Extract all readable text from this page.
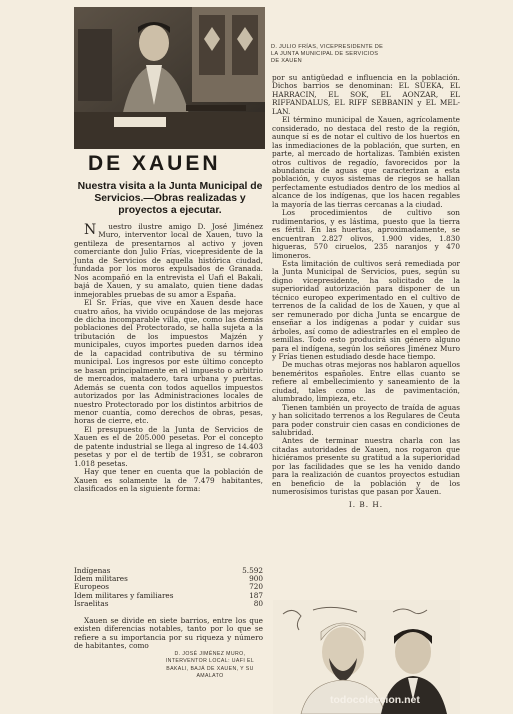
D. JULIO FRÍAS, VICEPRESIDENTE DE LA JUNTA MUNICIPAL DE SERVICIOS DE XAUEN
DE XAUEN
Nuestra visita a la Junta Municipal de Servicios.—Obras realizadas y proyectos a ejecutar.

Nuestro ilustre amigo D. José Jiménez Muro, interventor local de Xauen, tuvo la gentileza de presentarnos al activo y joven comerciante don Julio Frías, vicepresidente de la Junta de Servicios de aquella histórica ciudad, fundada por los moros expulsados de Granada. Nos acompañó en la entrevista el Uafi el Bakali, bajá de Xauen, y su amalato, quien tiene dadas inmejorables pruebas de su amor a España.

El Sr. Frías, que vive en Xauen desde hace cuatro años, ha vivido ocupándose de las mejoras de dicha incomparable villa, que, como las demás poblaciones del Protectorado, se halla sujeta a la tributación de los impuestos Majzén y municipales, cuyos importes pueden darnos idea de la capacidad contributiva de su término municipal. Los ingresos por este último concepto se basan principalmente en el impuesto o arbitrio de mercados, matadero, tara urbana y puertas. Además se cuenta con todos aquellos impuestos autorizados por las Administraciones locales de nuestro Protectorado por los distintos arbitrios de menor cuantía, como derechos de obras, pesas, horas de cierre, etc.

El presupuesto de la Junta de Servicios de Xauen es el de 205.000 pesetas. Por el concepto de patente industrial se llega al ingreso de 14.403 pesetas y por el de tertib de 1931, se cobraron 1.018 pesetas.

Hay que tener en cuenta que la población de Xauen es solamente la de 7.479 habitantes, clasificados en la siguiente forma:

Indígenas	5.592
Idem militares	900
Europeos	720
Idem militares y familiares	187
Israelitas	80

Xauen se divide en siete barrios, entre los que existen diferencias notables, tanto por lo que se refiere a su importancia por su riqueza y número de habitantes, como

D. JOSÉ JIMÉNEZ MURO, INTERVENTOR LOCAL: UAFI EL BAKALI, BAJÁ DE XAUEN, Y SU AMALATO

por su antigüedad e influencia en la población. Dichos barrios se denominan: EL SUEKA, EL HARRACIN, EL SOK, EL AONZAR, EL RIFFANDALUS, EL RIFF SEBBANIN y EL MEL-LAN.

El término municipal de Xauen, agrícolamente considerado, no destaca del resto de la región, aunque sí es de notar el cultivo de los huertos en las inmediaciones de la población, que surten, en parte, al mercado de hortalizas. También existen otros cultivos de regadío, favorecidos por la abundancia de aguas que caracterizan a esta población, y cuyos sistemas de riegos se hallan perfectamente estudiados dentro de los medios al alcance de los indígenas, que los hacen regables la mayoría de las tierras cercanas a la ciudad.

Los procedimientos de cultivo son rudimentarios, y es lástima, puesto que la tierra es fértil. En las huertas, aproximadamente, se encuentran 2.827 olivos, 1.900 vides, 1.830 higueras, 570 ciruelos, 235 naranjos y 470 limoneros.

Esta limitación de cultivos será remediada por la Junta Municipal de Servicios, pues, según su digno vicepresidente, ha solicitado de la superioridad autorización para disponer de un técnico europeo experimentado en el cultivo de terrenos de la calidad de los de Xauen, y que al ser remunerado por dicha Junta se encargue de enseñar a los indígenas a podar y cuidar sus árboles, así como de adiestrarles en el empleo de semillas. Todo esto producirá sin género alguno para el indígena, según los señores Jiménez Muro y Frías tienen estudiado desde hace tiempo.

De muchas otras mejoras nos hablaron aquellos beneméritos españoles. Entre ellas cuanto se refiere al embellecimiento y saneamiento de la ciudad, tales como las de pavimentación, alumbrado, limpieza, etc.

Tienen también un proyecto de traída de aguas y han solicitado terrenos a los Regulares de Ceuta para poder construir cien casas en condiciones de salubridad.

Antes de terminar nuestra charla con las citadas autoridades de Xauen, nos rogaron que hiciéramos presente su gratitud a la superioridad por las facilidades que se les ha venido dando para la realización de cuantos proyectos estudian en beneficio de la población y de los numerosísimos turistas que pasan por Xauen.

I. B. H.
todocoleccion.net
